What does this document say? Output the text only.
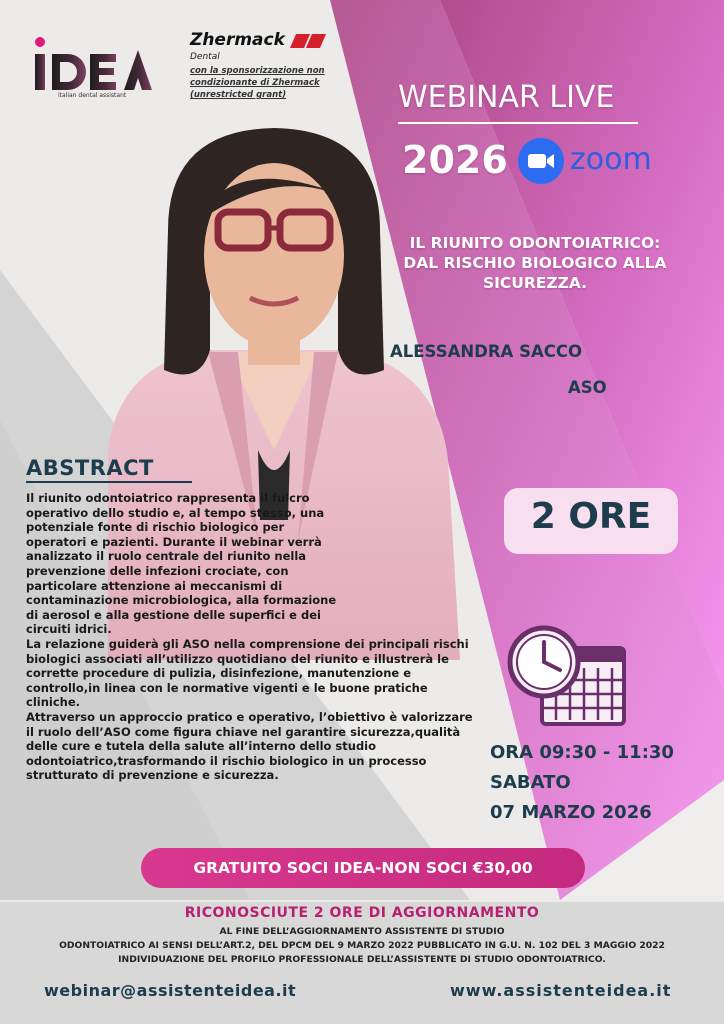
italian dental assistant
Zhermack
Dental
con la sponsorizzazione non condizionante di Zhermack (unrestricted grant)	WEBINAR LIVE
2026 zoom
IL RIUNITO ODONTOIATRICO:
DAL RISCHIO BIOLOGICO ALLA
SICUREZZA.
ALESSANDRA SACCO
ASO
2 ORE
ORA 09:30 - 11:30
SABATO
07 MARZO 2026
ABSTRACT
Il riunito odontoiatrico rappresenta il fulcro operativo dello studio e, al tempo stesso, una potenziale fonte di rischio biologico per operatori e pazienti. Durante il webinar verrà analizzato il ruolo centrale del riunito nella prevenzione delle infezioni crociate, con particolare attenzione ai meccanismi di contaminazione microbiologica, alla formazione di aerosol e alla gestione delle superfici e dei circuiti idrici.
La relazione guiderà gli ASO nella comprensione dei principali rischi biologici associati all’utilizzo quotidiano del riunito e illustrerà le corrette procedure di pulizia, disinfezione, manutenzione e controllo,in linea con le normative vigenti e le buone pratiche cliniche.
Attraverso un approccio pratico e operativo, l’obiettivo è valorizzare il ruolo dell’ASO come figura chiave nel garantire sicurezza,qualità delle cure e tutela della salute all’interno dello studio odontoiatrico,trasformando il rischio biologico in un processo strutturato di prevenzione e sicurezza.
GRATUITO SOCI IDEA-NON SOCI €30,00
RICONOSCIUTE 2 ORE DI AGGIORNAMENTO
AL FINE DELL’AGGIORNAMENTO ASSISTENTE DI STUDIO
ODONTOIATRICO AI SENSI DELL’ART.2, DEL DPCM DEL 9 MARZO 2022 PUBBLICATO IN G.U. N. 102 DEL 3 MAGGIO 2022
INDIVIDUAZIONE DEL PROFILO PROFESSIONALE DELL’ASSISTENTE DI STUDIO ODONTOIATRICO.
webinar@assistenteidea.it	www.assistenteidea.it
